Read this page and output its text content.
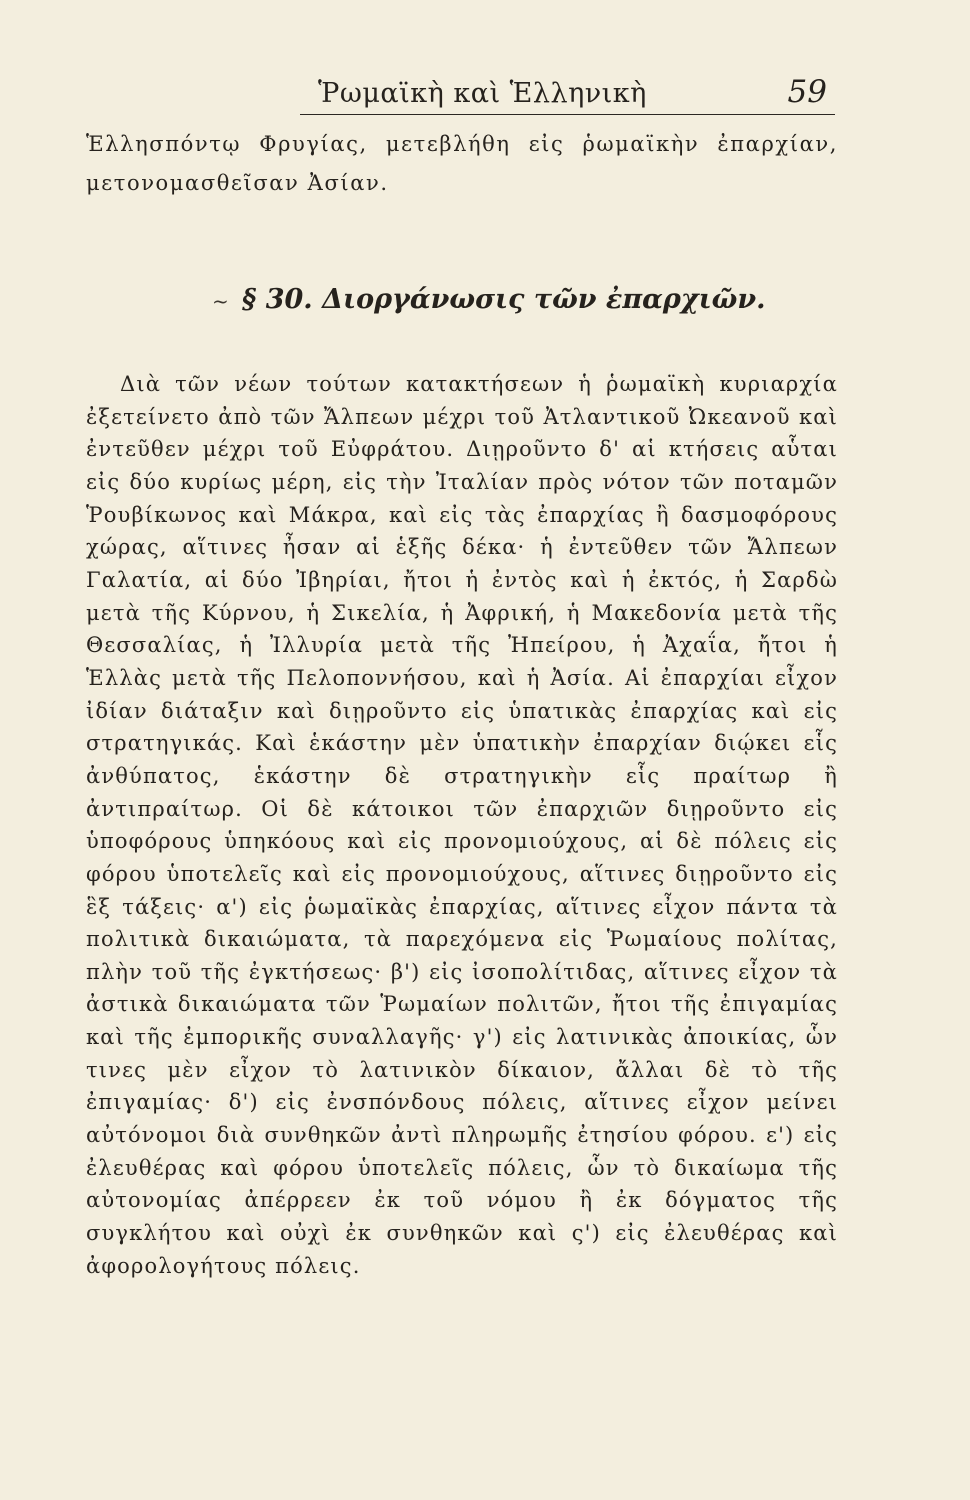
Ῥωμαϊκὴ καὶ Ἑλληνικὴ	59

Ἑλλησπόντῳ Φρυγίας, μετεβλήθη εἰς ῥωμαϊκὴν ἐπαρχίαν, μετονομασθεῖσαν Ἀσίαν.

~ § 30. Διοργάνωσις τῶν ἐπαρχιῶν.

Διὰ τῶν νέων τούτων κατακτήσεων ἡ ῥωμαϊκὴ κυριαρχία ἐξετείνετο ἀπὸ τῶν Ἄλπεων μέχρι τοῦ Ἀτλαντικοῦ Ὠκεανοῦ καὶ ἐντεῦθεν μέχρι τοῦ Εὐφράτου. Διῃροῦντο δ' αἱ κτήσεις αὗται εἰς δύο κυρίως μέρη, εἰς τὴν Ἰταλίαν πρὸς νότον τῶν ποταμῶν Ῥουβίκωνος καὶ Μάκρα, καὶ εἰς τὰς ἐπαρχίας ἢ δασμοφόρους χώρας, αἵτινες ἦσαν αἱ ἑξῆς δέκα· ἡ ἐντεῦθεν τῶν Ἄλπεων Γαλατία, αἱ δύο Ἰβηρίαι, ἤτοι ἡ ἐντὸς καὶ ἡ ἐκτός, ἡ Σαρδὼ μετὰ τῆς Κύρνου, ἡ Σικελία, ἡ Ἀφρική, ἡ Μακεδονία μετὰ τῆς Θεσσαλίας, ἡ Ἰλλυρία μετὰ τῆς Ἠπείρου, ἡ Ἀχαΐα, ἤτοι ἡ Ἑλλὰς μετὰ τῆς Πελοποννήσου, καὶ ἡ Ἀσία. Αἱ ἐπαρχίαι εἶχον ἰδίαν διάταξιν καὶ διῃροῦντο εἰς ὑπατικὰς ἐπαρχίας καὶ εἰς στρατηγικάς. Καὶ ἑκάστην μὲν ὑπατικὴν ἐπαρχίαν διῴκει εἷς ἀνθύπατος, ἑκάστην δὲ στρατηγικὴν εἷς πραίτωρ ἢ ἀντιπραίτωρ. Οἱ δὲ κάτοικοι τῶν ἐπαρχιῶν διῃροῦντο εἰς ὑποφόρους ὑπηκόους καὶ εἰς προνομιούχους, αἱ δὲ πόλεις εἰς φόρου ὑποτελεῖς καὶ εἰς προνομιούχους, αἵτινες διῃροῦντο εἰς ἓξ τάξεις· α') εἰς ῥωμαϊκὰς ἐπαρχίας, αἵτινες εἶχον πάντα τὰ πολιτικὰ δικαιώματα, τὰ παρεχόμενα εἰς Ῥωμαίους πολίτας, πλὴν τοῦ τῆς ἐγκτήσεως· β') εἰς ἰσοπολίτιδας, αἵτινες εἶχον τὰ ἀστικὰ δικαιώματα τῶν Ῥωμαίων πολιτῶν, ἤτοι τῆς ἐπιγαμίας καὶ τῆς ἐμπορικῆς συναλλαγῆς· γ') εἰς λατινικὰς ἀποικίας, ὧν τινες μὲν εἶχον τὸ λατινικὸν δίκαιον, ἄλλαι δὲ τὸ τῆς ἐπιγαμίας· δ') εἰς ἐνσπόνδους πόλεις, αἵτινες εἶχον μείνει αὐτόνομοι διὰ συνθηκῶν ἀντὶ πληρωμῆς ἐτησίου φόρου. ε') εἰς ἐλευθέρας καὶ φόρου ὑποτελεῖς πόλεις, ὧν τὸ δικαίωμα τῆς αὐτονομίας ἀπέρρεεν ἐκ τοῦ νόμου ἢ ἐκ δόγματος τῆς συγκλήτου καὶ οὐχὶ ἐκ συνθηκῶν καὶ ς') εἰς ἐλευθέρας καὶ ἀφορολογήτους πόλεις.
